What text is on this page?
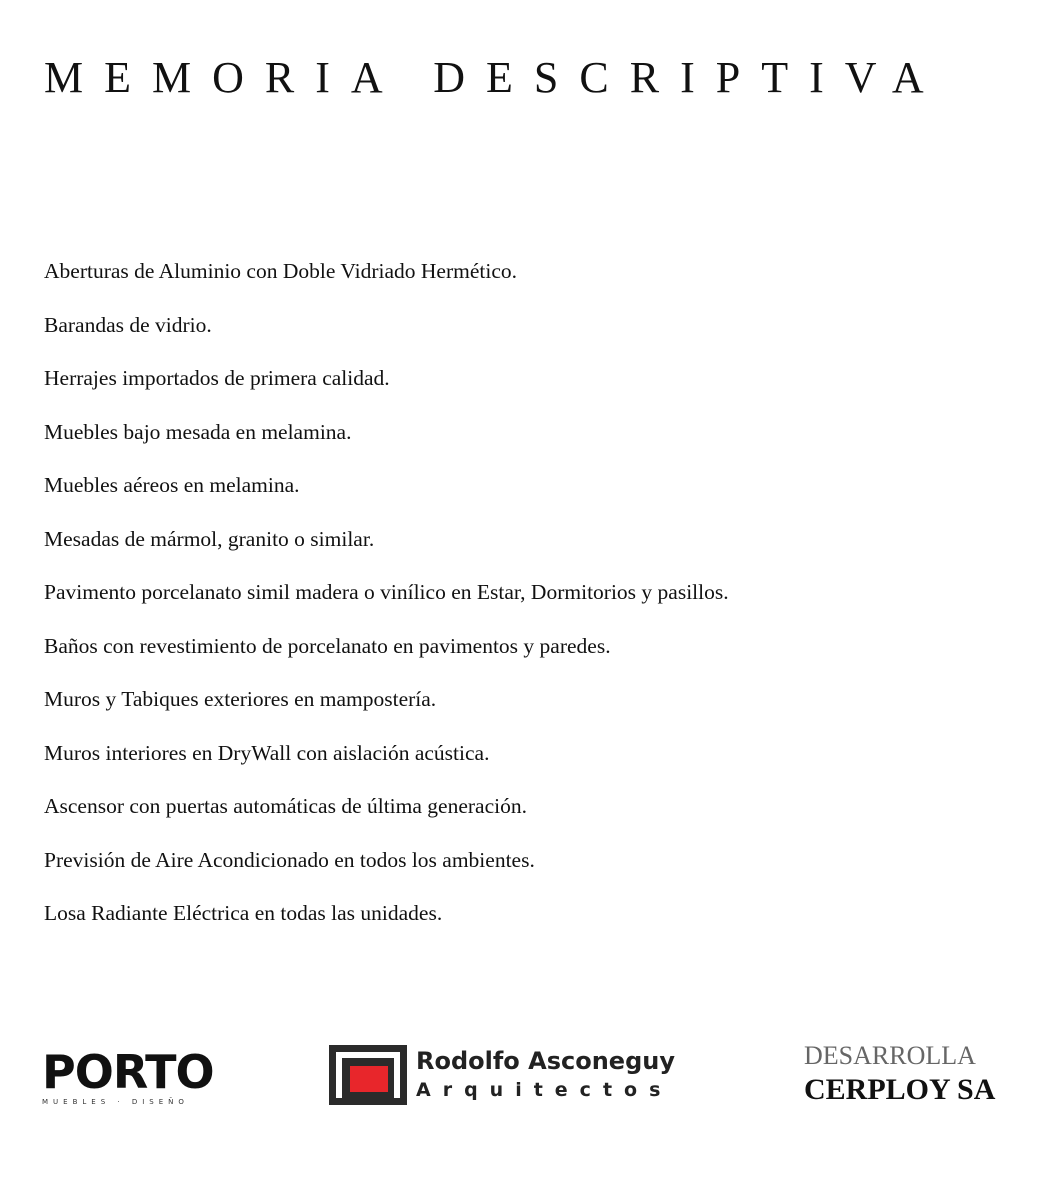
MEMORIA DESCRIPTIVA
Aberturas de Aluminio con Doble Vidriado Hermético.
Barandas de vidrio.
Herrajes importados de primera calidad.
Muebles bajo mesada en melamina.
Muebles aéreos en melamina.
Mesadas de mármol, granito o similar.
Pavimento porcelanato simil madera o vinílico en Estar, Dormitorios y pasillos.
Baños con revestimiento de porcelanato en pavimentos y paredes.
Muros y Tabiques exteriores en mampostería.
Muros interiores en DryWall con aislación acústica.
Ascensor con puertas automáticas de última generación.
Previsión de Aire Acondicionado en todos los ambientes.
Losa Radiante Eléctrica en todas las unidades.
PORTO
MUEBLES · DISEÑO
Rodolfo Asconeguy
Arquitectos
DESARROLLA
CERPLOY SA
